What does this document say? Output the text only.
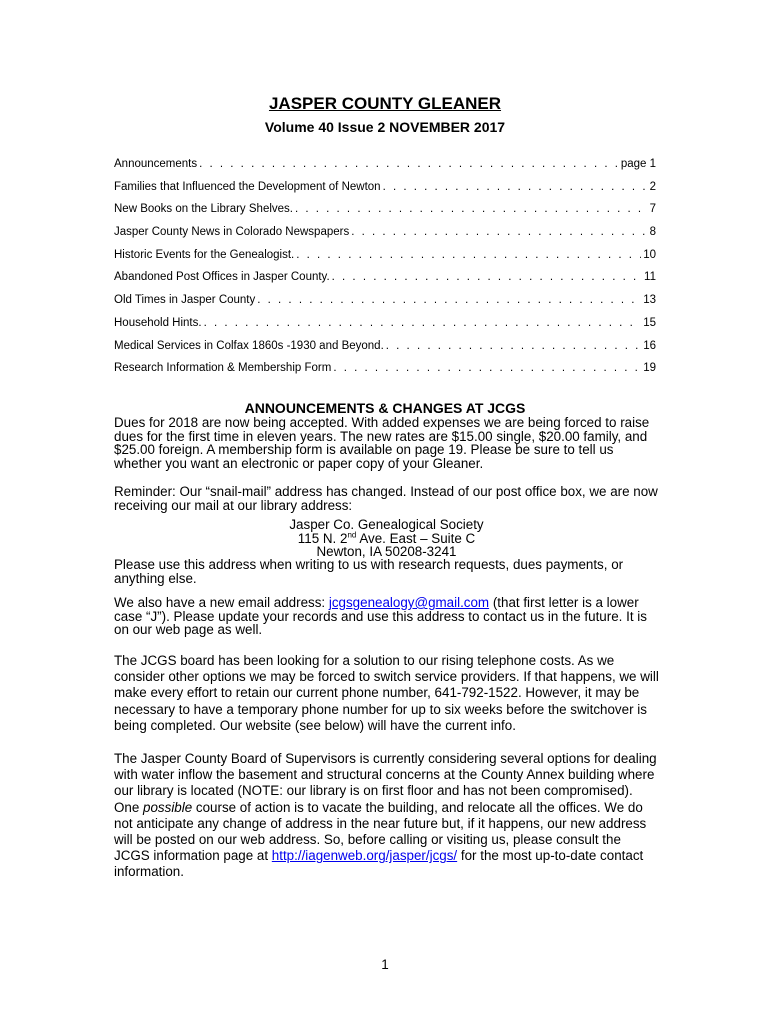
JASPER COUNTY GLEANER
Volume 40 Issue 2 NOVEMBER 2017
Announcements . . .	page 1
Families that Influenced the Development of Newton . . .	2
New Books on the Library Shelves. . . .	7
Jasper County News in Colorado Newspapers . . .	8
Historic Events for the Genealogist. . . .	10
Abandoned Post Offices in Jasper County. . . .	11
Old Times in Jasper County . . .	13
Household Hints. . . .	15
Medical Services in Colfax 1860s -1930 and Beyond. . . .	16
Research Information & Membership Form . . .	19
ANNOUNCEMENTS & CHANGES AT JCGS
Dues for 2018 are now being accepted. With added expenses we are being forced to raise dues for the first time in eleven years. The new rates are $15.00 single, $20.00 family, and $25.00 foreign. A membership form is available on page 19. Please be sure to tell us whether you want an electronic or paper copy of your Gleaner.
Reminder: Our “snail-mail” address has changed. Instead of our post office box, we are now receiving our mail at our library address:
Jasper Co. Genealogical Society
115 N. 2nd Ave. East – Suite C
Newton, IA 50208-3241
Please use this address when writing to us with research requests, dues payments, or anything else.
We also have a new email address: jcgsgenealogy@gmail.com (that first letter is a lower case “J”). Please update your records and use this address to contact us in the future. It is on our web page as well.
The JCGS board has been looking for a solution to our rising telephone costs. As we consider other options we may be forced to switch service providers. If that happens, we will make every effort to retain our current phone number, 641-792-1522. However, it may be necessary to have a temporary phone number for up to six weeks before the switchover is being completed. Our website (see below) will have the current info.
The Jasper County Board of Supervisors is currently considering several options for dealing with water inflow the basement and structural concerns at the County Annex building where our library is located (NOTE: our library is on first floor and has not been compromised). One possible course of action is to vacate the building, and relocate all the offices. We do not anticipate any change of address in the near future but, if it happens, our new address will be posted on our web address. So, before calling or visiting us, please consult the JCGS information page at http://iagenweb.org/jasper/jcgs/ for the most up-to-date contact information.
1
